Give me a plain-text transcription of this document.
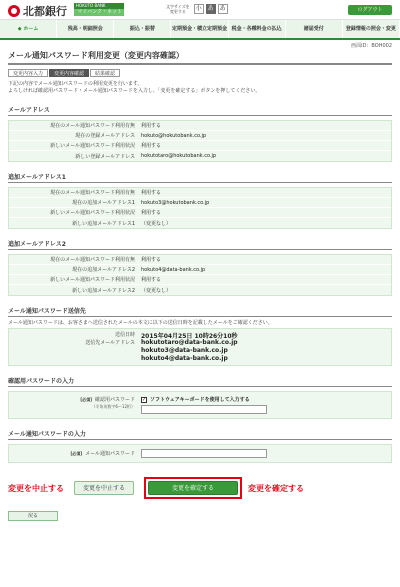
北都銀行	HOKUTO BANK
マイバンク・ネット
文字サイズを
変更する	小 あ あ	ログアウト
◆ ホーム	残高・明細照会	振込・振替	定期預金・積立定期預金 税金・各種料金の払込	諸届受付	登録情報の照会・変更
画面ID：BOH002
メール通知パスワード利用変更（変更内容確認）
変更内容入力	変更内容確認	結果確認
下記の内容でメール通知パスワードの利用変更を行います。
よろしければ確認用パスワード・メール通知パスワードを入力し、「変更を確定する」ボタンを押してください。
メールアドレス
現在のメール通知パスワード利用有無	利用する
現在の登録メールアドレス	hokuto@hokutobank.co.jp
新しいメール通知パスワード利用状況	利用する
新しい登録メールアドレス	hokutotaro@hokutobank.co.jp
追加メールアドレス1
現在のメール通知パスワード利用有無	利用する
現在の追加メールアドレス1	hokuto3@hokutobank.co.jp
新しいメール通知パスワード利用状況	利用する
新しい追加メールアドレス1	（変更なし）
追加メールアドレス2
現在のメール通知パスワード利用有無	利用する
現在の追加メールアドレス2	hokuto4@data-bank.co.jp
新しいメール通知パスワード利用状況	利用する
新しい追加メールアドレス2	（変更なし）
メール通知パスワード送信先
メール通知パスワードは、お客さまへ送信されたメールの本文に以下の送信日時を記載したメールをご確認ください。
送信日時	2015年04月25日 10時26分10秒
送信先メールアドレス	hokutotaro@data-bank.co.jp
hokuto3@data-bank.co.jp
hokuto4@data-bank.co.jp
確認用パスワードの入力
[必須] 確認用パスワード
（半角英数字6〜12桁）
✓ ソフトウェアキーボードを使用して入力する
メール通知パスワードの入力
[必須] メール通知パスワード
変更を中止する	変更を中止する	変更を確定する	変更を確定する
戻る
